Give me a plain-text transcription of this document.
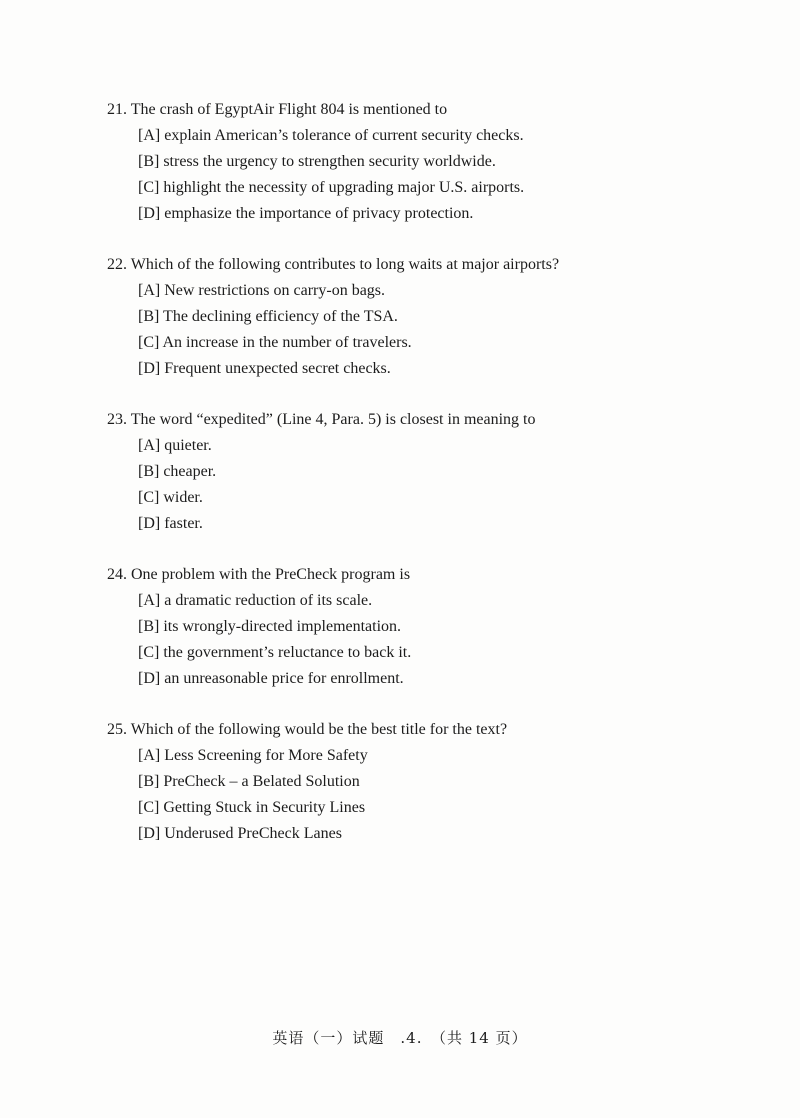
21. The crash of EgyptAir Flight 804 is mentioned to
[A] explain American’s tolerance of current security checks.
[B] stress the urgency to strengthen security worldwide.
[C] highlight the necessity of upgrading major U.S. airports.
[D] emphasize the importance of privacy protection.
22. Which of the following contributes to long waits at major airports?
[A] New restrictions on carry-on bags.
[B] The declining efficiency of the TSA.
[C] An increase in the number of travelers.
[D] Frequent unexpected secret checks.
23. The word “expedited” (Line 4, Para. 5) is closest in meaning to
[A] quieter.
[B] cheaper.
[C] wider.
[D] faster.
24. One problem with the PreCheck program is
[A] a dramatic reduction of its scale.
[B] its wrongly-directed implementation.
[C] the government’s reluctance to back it.
[D] an unreasonable price for enrollment.
25. Which of the following would be the best title for the text?
[A] Less Screening for More Safety
[B] PreCheck – a Belated Solution
[C] Getting Stuck in Security Lines
[D] Underused PreCheck Lanes
英语（一）试题　.4.　（共 14 页）
